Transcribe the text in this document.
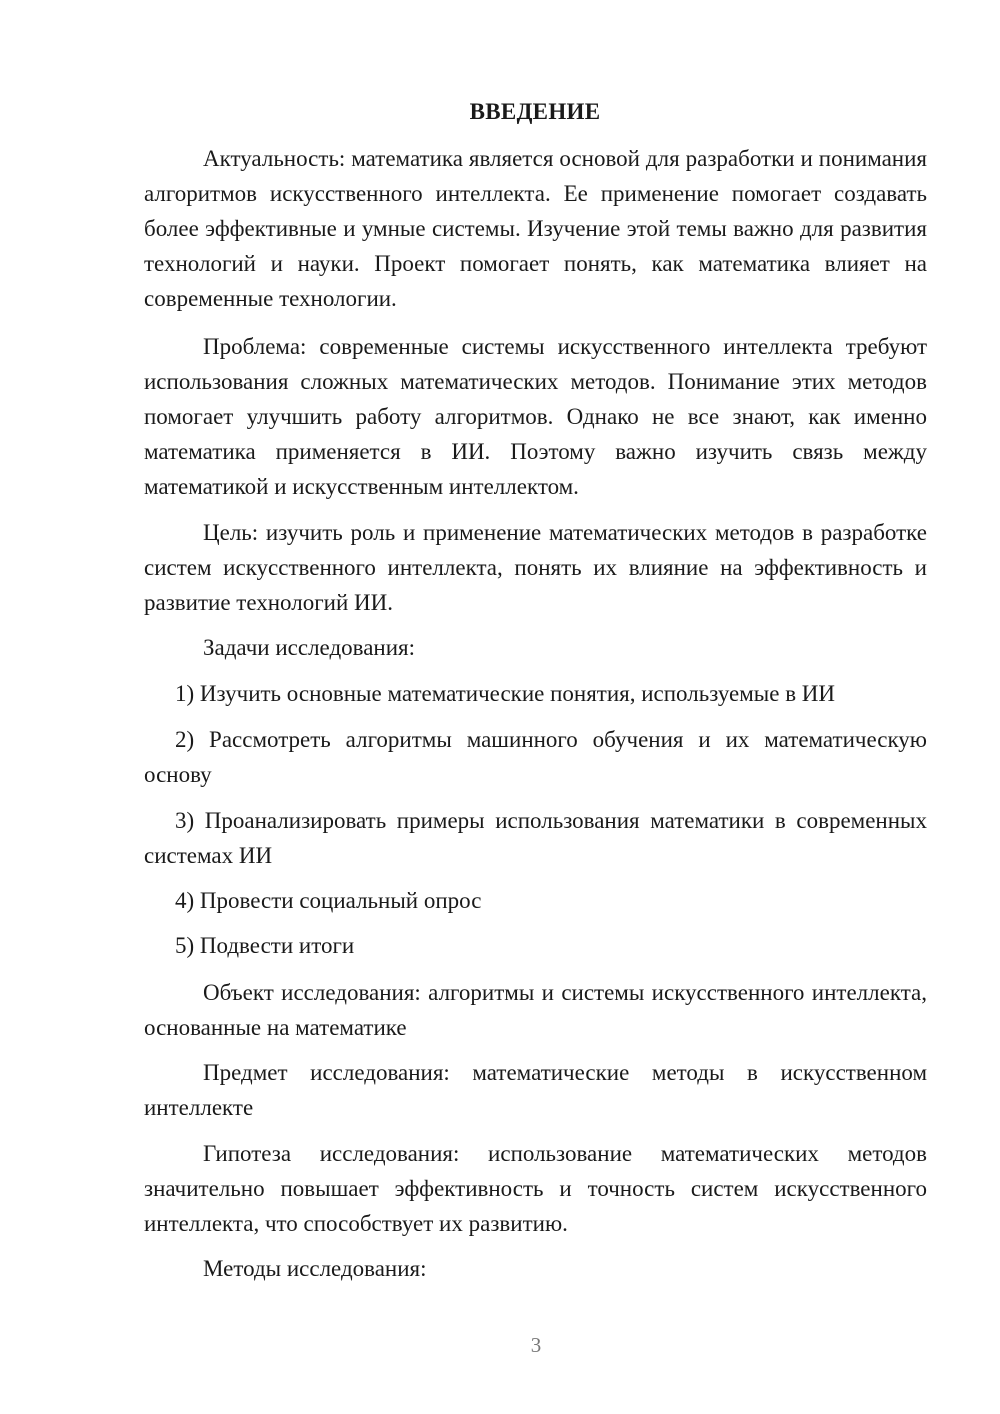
ВВЕДЕНИЕ

Актуальность: математика является основой для разработки и понимания алгоритмов искусственного интеллекта. Ее применение помогает создавать более эффективные и умные системы. Изучение этой темы важно для развития технологий и науки. Проект помогает понять, как математика влияет на современные технологии.

Проблема: современные системы искусственного интеллекта требуют использования сложных математических методов. Понимание этих методов помогает улучшить работу алгоритмов. Однако не все знают, как именно математика применяется в ИИ. Поэтому важно изучить связь между математикой и искусственным интеллектом.

Цель: изучить роль и применение математических методов в разработке систем искусственного интеллекта, понять их влияние на эффективность и развитие технологий ИИ.

Задачи исследования:

1) Изучить основные математические понятия, используемые в ИИ

2) Рассмотреть алгоритмы машинного обучения и их математическую основу

3) Проанализировать примеры использования математики в современных системах ИИ

4) Провести социальный опрос

5) Подвести итоги

Объект исследования: алгоритмы и системы искусственного интеллекта, основанные на математике

Предмет исследования: математические методы в искусственном интеллекте

Гипотеза исследования: использование математических методов значительно повышает эффективность и точность систем искусственного интеллекта, что способствует их развитию.

Методы исследования:

3
